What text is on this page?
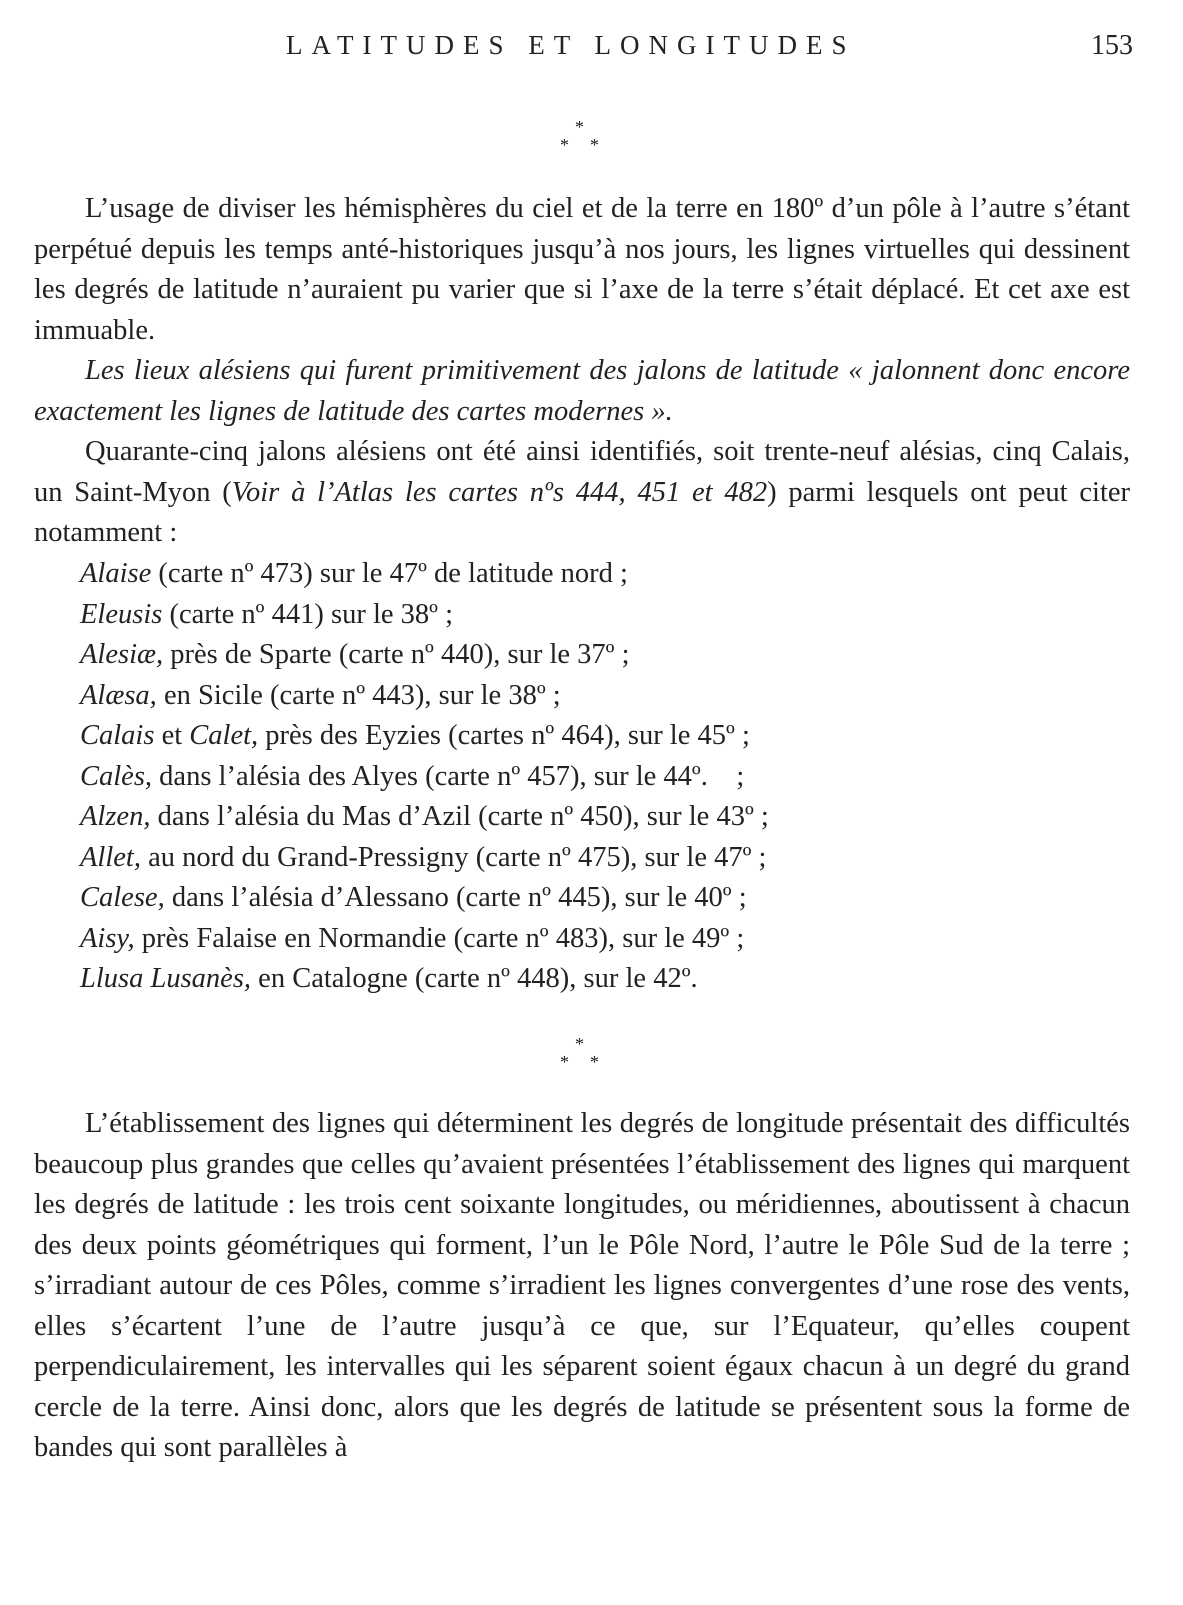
LATITUDES ET LONGITUDES	153
*
* *

L’usage de diviser les hémisphères du ciel et de la terre en 180º d’un pôle à l’autre s’étant perpétué depuis les temps anté-historiques jusqu’à nos jours, les lignes virtuelles qui dessinent les degrés de latitude n’auraient pu varier que si l’axe de la terre s’était déplacé. Et cet axe est immuable.

Les lieux alésiens qui furent primitivement des jalons de latitude « jalonnent donc encore exactement les lignes de latitude des cartes modernes ».

Quarante-cinq jalons alésiens ont été ainsi identifiés, soit trente-neuf alésias, cinq Calais, un Saint-Myon (Voir à l’Atlas les cartes nºs 444, 451 et 482) parmi lesquels ont peut citer notamment :

Alaise (carte nº 473) sur le 47º de latitude nord ;
Eleusis (carte nº 441) sur le 38º ;
Alesiæ, près de Sparte (carte nº 440), sur le 37º ;
Alæsa, en Sicile (carte nº 443), sur le 38º ;
Calais et Calet, près des Eyzies (cartes nº 464), sur le 45º ;
Calès, dans l’alésia des Alyes (carte nº 457), sur le 44º.    ;
Alzen, dans l’alésia du Mas d’Azil (carte nº 450), sur le 43º ;
Allet, au nord du Grand-Pressigny (carte nº 475), sur le 47º ;
Calese, dans l’alésia d’Alessano (carte nº 445), sur le 40º ;
Aisy, près Falaise en Normandie (carte nº 483), sur le 49º ;
Llusa Lusanès, en Catalogne (carte nº 448), sur le 42º.
*
* *

L’établissement des lignes qui déterminent les degrés de longitude présentait des difficultés beaucoup plus grandes que celles qu’avaient présentées l’établissement des lignes qui marquent les degrés de latitude : les trois cent soixante longitudes, ou méridiennes, aboutissent à chacun des deux points géométriques qui forment, l’un le Pôle Nord, l’autre le Pôle Sud de la terre ; s’irradiant autour de ces Pôles, comme s’irradient les lignes convergentes d’une rose des vents, elles s’écartent l’une de l’autre jusqu’à ce que, sur l’Equateur, qu’elles coupent perpendiculairement, les intervalles qui les séparent soient égaux chacun à un degré du grand cercle de la terre. Ainsi donc, alors que les degrés de latitude se présentent sous la forme de bandes qui sont parallèles à
